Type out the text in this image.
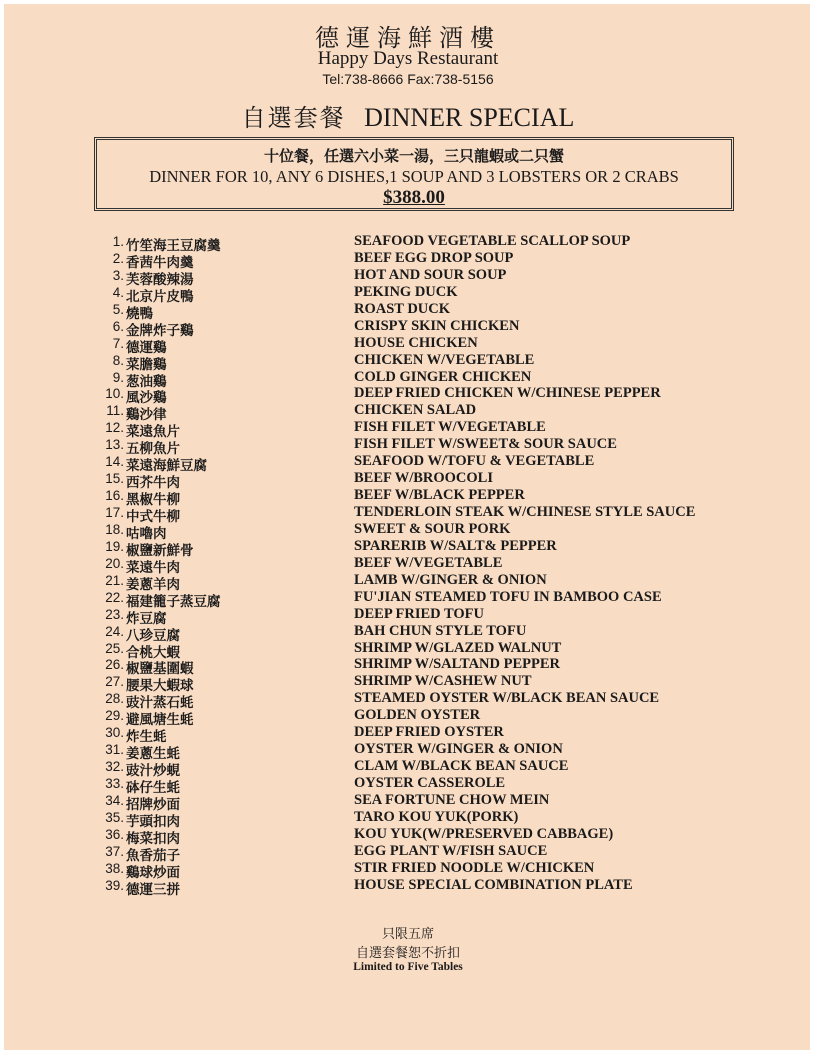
德運海鮮酒樓
Happy Days Restaurant
Tel:738-8666 Fax:738-5156
自選套餐 DINNER SPECIAL
十位餐，任選六小菜一湯，三只龍蝦或二只蟹
DINNER FOR 10, ANY 6 DISHES,1 SOUP AND 3 LOBSTERS OR 2 CRABS
$388.00
1. 竹笙海王豆腐羹	SEAFOOD VEGETABLE SCALLOP SOUP
2. 香茜牛肉羹	BEEF EGG DROP SOUP
3. 芙蓉酸辣湯	HOT AND SOUR SOUP
4. 北京片皮鴨	PEKING DUCK
5. 燒鴨	ROAST DUCK
6. 金牌炸子鷄	CRISPY SKIN CHICKEN
7. 德運鷄	HOUSE CHICKEN
8. 菜膽鷄	CHICKEN W/VEGETABLE
9. 葱油鷄	COLD GINGER CHICKEN
10. 風沙鷄	DEEP FRIED CHICKEN W/CHINESE PEPPER
11. 鷄沙律	CHICKEN SALAD
12. 菜遠魚片	FISH FILET W/VEGETABLE
13. 五柳魚片	FISH FILET W/SWEET& SOUR SAUCE
14. 菜遠海鮮豆腐	SEAFOOD W/TOFU & VEGETABLE
15. 西芥牛肉	BEEF W/BROOCOLI
16. 黑椒牛柳	BEEF W/BLACK PEPPER
17. 中式牛柳	TENDERLOIN STEAK W/CHINESE STYLE SAUCE
18. 咕嚕肉	SWEET & SOUR PORK
19. 椒鹽新鮮骨	SPARERIB W/SALT& PEPPER
20. 菜遠牛肉	BEEF W/VEGETABLE
21. 姜蔥羊肉	LAMB W/GINGER & ONION
22. 福建籠子蒸豆腐	FU'JIAN STEAMED TOFU IN BAMBOO CASE
23. 炸豆腐	DEEP FRIED TOFU
24. 八珍豆腐	BAH CHUN STYLE TOFU
25. 合桃大蝦	SHRIMP W/GLAZED WALNUT
26. 椒鹽基圍蝦	SHRIMP W/SALTAND PEPPER
27. 腰果大蝦球	SHRIMP W/CASHEW NUT
28. 豉汁蒸石蚝	STEAMED OYSTER W/BLACK BEAN SAUCE
29. 避風塘生蚝	GOLDEN OYSTER
30. 炸生蚝	DEEP FRIED OYSTER
31. 姜蔥生蚝	OYSTER W/GINGER & ONION
32. 豉汁炒蜆	CLAM W/BLACK BEAN SAUCE
33. 砵仔生蚝	OYSTER CASSEROLE
34. 招牌炒面	SEA FORTUNE CHOW MEIN
35. 芋頭扣肉	TARO KOU YUK(PORK)
36. 梅菜扣肉	KOU YUK(W/PRESERVED CABBAGE)
37. 魚香茄子	EGG PLANT W/FISH SAUCE
38. 鷄球炒面	STIR FRIED NOODLE W/CHICKEN
39. 德運三拼	HOUSE SPECIAL COMBINATION PLATE
只限五席
自選套餐恕不折扣
Limited to Five Tables
